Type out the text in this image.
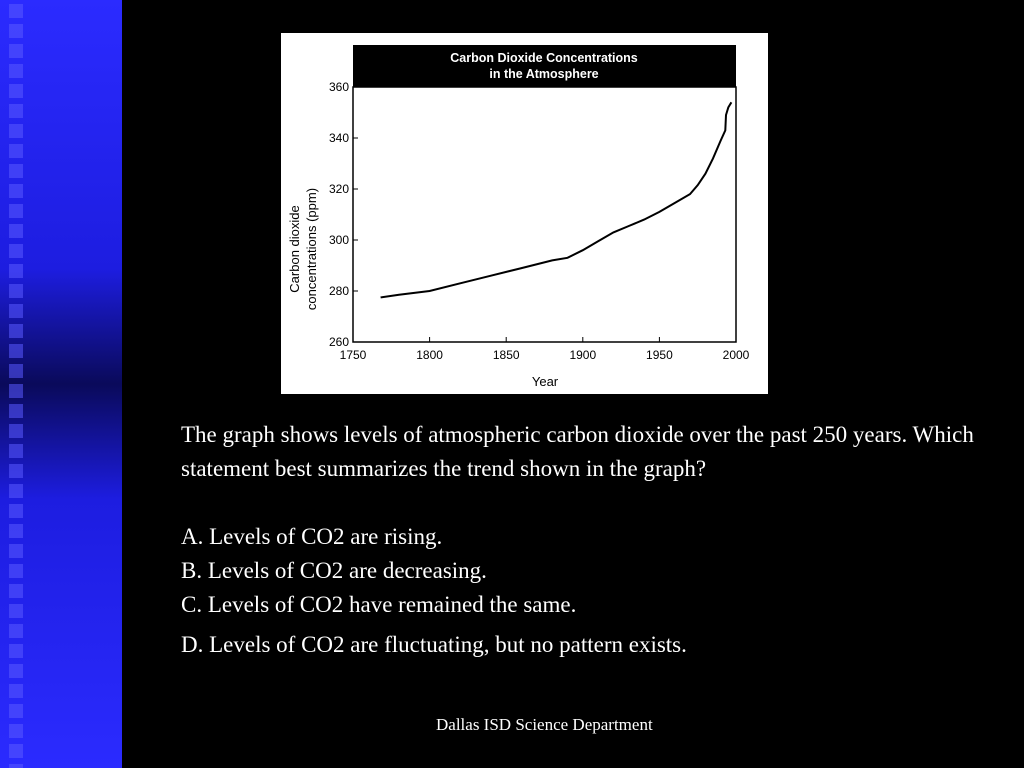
Carbon Dioxide Concentrations
in the Atmosphere
260
280
300
320
340
360
1750	1800	1850	1900	1950	2000
Carbon dioxide concentrations (ppm)
Year

The graph shows levels of atmospheric carbon dioxide over the past 250 years. Which statement best summarizes the trend shown in the graph?

A. Levels of CO2 are rising.

B. Levels of CO2 are decreasing.

C. Levels of CO2 have remained the same.

D. Levels of CO2 are fluctuating, but no pattern exists.

Dallas ISD Science Department
